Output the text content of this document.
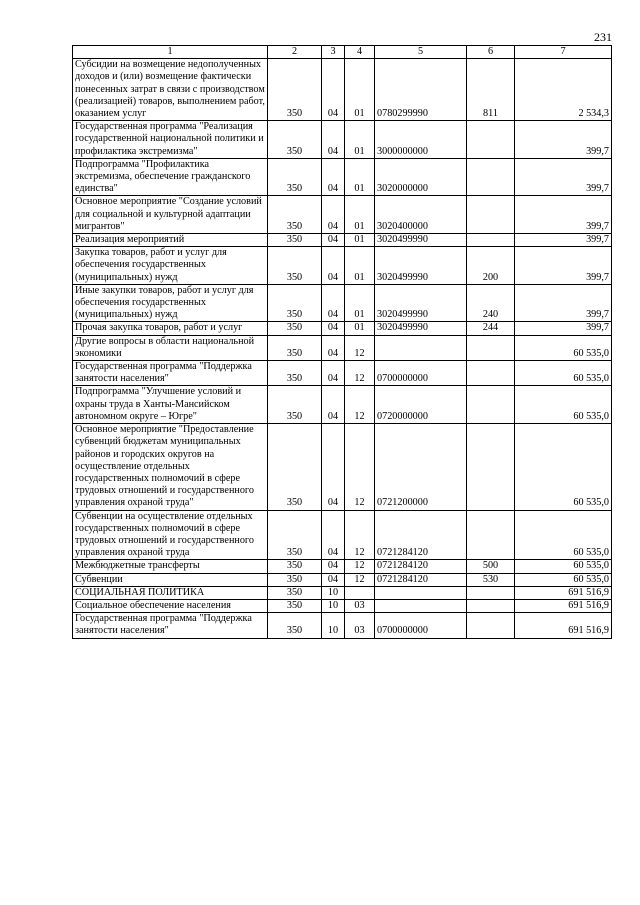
231
1	2	3	4	5	6	7
Субсидии на возмещение недополученных доходов и (или) возмещение фактически понесенных затрат в связи с производством (реализацией) товаров, выполнением работ, оказанием услуг	350	04	01	0780299990	811	2 534,3
Государственная программа "Реализация государственной национальной политики и профилактика экстремизма"	350	04	01	3000000000		399,7
Подпрограмма "Профилактика экстремизма, обеспечение гражданского единства"	350	04	01	3020000000		399,7
Основное мероприятие "Создание условий для социальной и культурной адаптации мигрантов"	350	04	01	3020400000		399,7
Реализация мероприятий	350	04	01	3020499990		399,7
Закупка товаров, работ и услуг для обеспечения государственных (муниципальных) нужд	350	04	01	3020499990	200	399,7
Иные закупки товаров, работ и услуг для обеспечения государственных (муниципальных) нужд	350	04	01	3020499990	240	399,7
Прочая закупка товаров, работ и услуг	350	04	01	3020499990	244	399,7
Другие вопросы в области национальной экономики	350	04	12			60 535,0
Государственная программа "Поддержка занятости населения"	350	04	12	0700000000		60 535,0
Подпрограмма "Улучшение условий и охраны труда в Ханты-Мансийском автономном округе – Югре"	350	04	12	0720000000		60 535,0
Основное мероприятие "Предоставление субвенций бюджетам муниципальных районов и городских округов на осуществление отдельных государственных полномочий в сфере трудовых отношений и государственного управления охраной труда"	350	04	12	0721200000		60 535,0
Субвенции на осуществление отдельных государственных полномочий в сфере трудовых отношений и государственного управления охраной труда	350	04	12	0721284120		60 535,0
Межбюджетные трансферты	350	04	12	0721284120	500	60 535,0
Субвенции	350	04	12	0721284120	530	60 535,0
СОЦИАЛЬНАЯ ПОЛИТИКА	350	10				691 516,9
Социальное обеспечение населения	350	10	03			691 516,9
Государственная программа "Поддержка занятости населения"	350	10	03	0700000000		691 516,9
